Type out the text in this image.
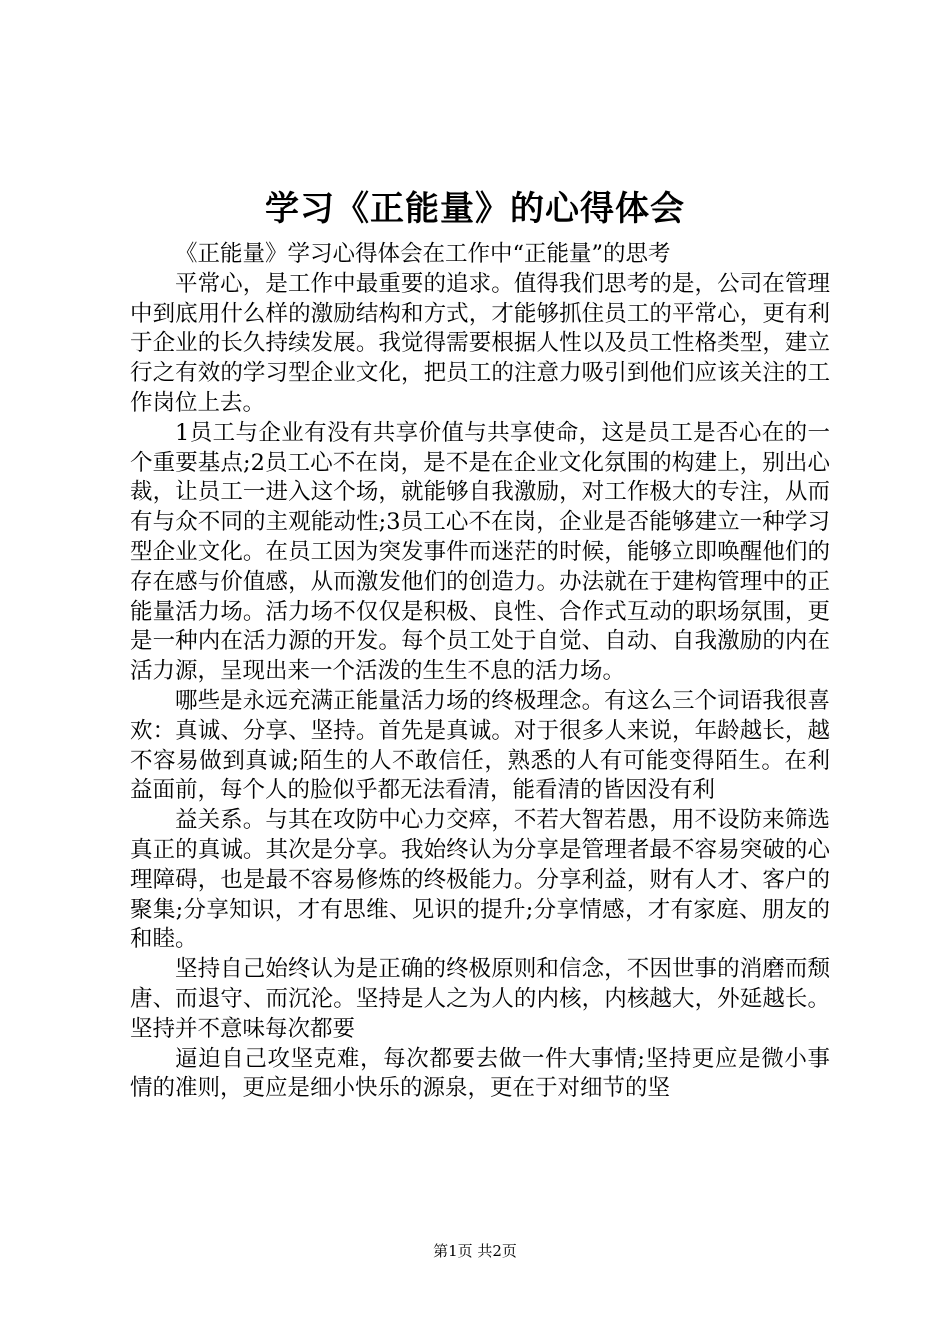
学习《正能量》的心得体会

《正能量》学习心得体会在工作中“正能量”的思考

平常心，是工作中最重要的追求。值得我们思考的是，公司在管理中到底用什么样的激励结构和方式，才能够抓住员工的平常心，更有利于企业的长久持续发展。我觉得需要根据人性以及员工性格类型，建立行之有效的学习型企业文化，把员工的注意力吸引到他们应该关注的工作岗位上去。

1员工与企业有没有共享价值与共享使命，这是员工是否心在的一个重要基点;2员工心不在岗，是不是在企业文化氛围的构建上，别出心裁，让员工一进入这个场，就能够自我激励，对工作极大的专注，从而有与众不同的主观能动性;3员工心不在岗，企业是否能够建立一种学习型企业文化。在员工因为突发事件而迷茫的时候，能够立即唤醒他们的存在感与价值感，从而激发他们的创造力。办法就在于建构管理中的正能量活力场。活力场不仅仅是积极、良性、合作式互动的职场氛围，更是一种内在活力源的开发。每个员工处于自觉、自动、自我激励的内在活力源，呈现出来一个活泼的生生不息的活力场。

哪些是永远充满正能量活力场的终极理念。有这么三个词语我很喜欢：真诚、分享、坚持。首先是真诚。对于很多人来说，年龄越长，越不容易做到真诚;陌生的人不敢信任，熟悉的人有可能变得陌生。在利益面前，每个人的脸似乎都无法看清，能看清的皆因没有利

益关系。与其在攻防中心力交瘁，不若大智若愚，用不设防来筛选真正的真诚。其次是分享。我始终认为分享是管理者最不容易突破的心理障碍，也是最不容易修炼的终极能力。分享利益，财有人才、客户的聚集;分享知识，才有思维、见识的提升;分享情感，才有家庭、朋友的和睦。

坚持自己始终认为是正确的终极原则和信念，不因世事的消磨而颓唐、而退守、而沉沦。坚持是人之为人的内核，内核越大，外延越长。坚持并不意味每次都要

逼迫自己攻坚克难，每次都要去做一件大事情;坚持更应是微小事情的准则，更应是细小快乐的源泉，更在于对细节的坚

第1页 共2页
